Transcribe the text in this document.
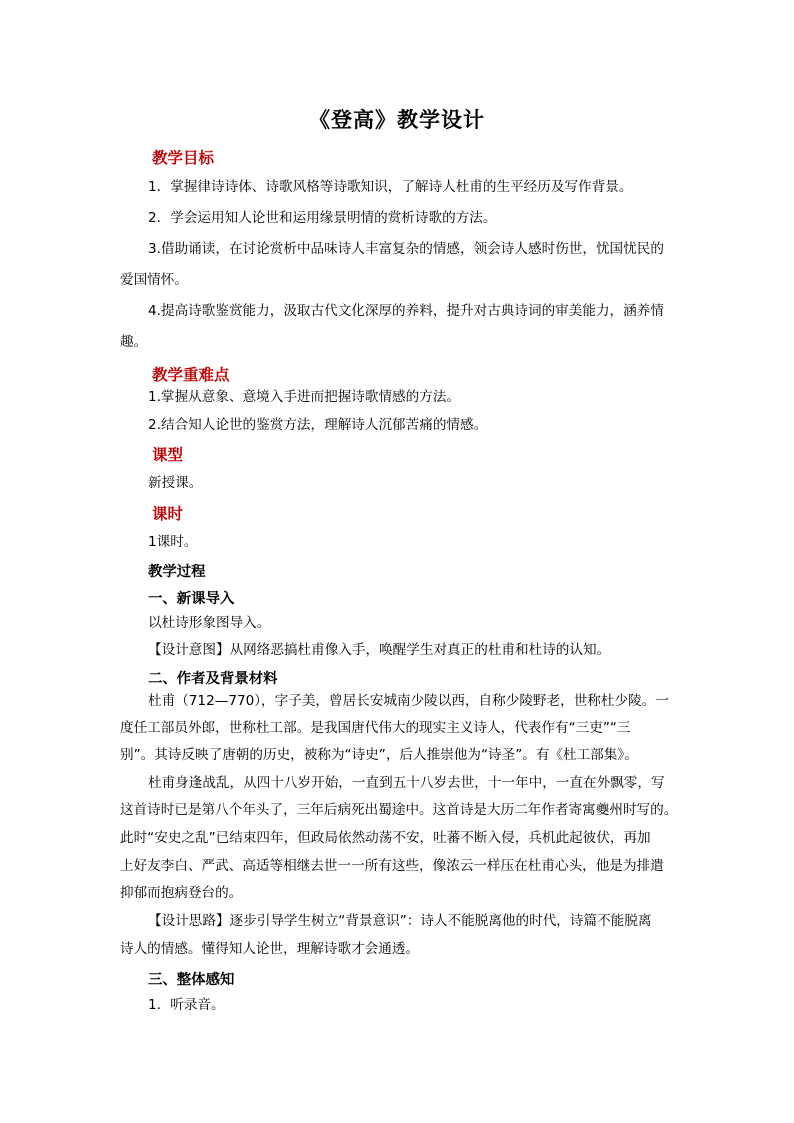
《登高》教学设计
教学目标
1．掌握律诗诗体、诗歌风格等诗歌知识，了解诗人杜甫的生平经历及写作背景。
2．学会运用知人论世和运用缘景明情的赏析诗歌的方法。
3.借助诵读，在讨论赏析中品味诗人丰富复杂的情感，领会诗人感时伤世，忧国忧民的
爱国情怀。
4.提高诗歌鉴赏能力，汲取古代文化深厚的养料，提升对古典诗词的审美能力，涵养情
趣。
教学重难点
1.掌握从意象、意境入手进而把握诗歌情感的方法。
2.结合知人论世的鉴赏方法，理解诗人沉郁苦痛的情感。
课型
新授课。
课时
1课时。
教学过程
一、新课导入
以杜诗形象图导入。
【设计意图】从网络恶搞杜甫像入手，唤醒学生对真正的杜甫和杜诗的认知。
二、作者及背景材料
杜甫（712—770），字子美，曾居长安城南少陵以西，自称少陵野老，世称杜少陵。一
度任工部员外郎，世称杜工部。是我国唐代伟大的现实主义诗人，代表作有“三吏”“三
别”。其诗反映了唐朝的历史，被称为“诗史”，后人推崇他为“诗圣”。有《杜工部集》。
杜甫身逢战乱，从四十八岁开始，一直到五十八岁去世，十一年中，一直在外飘零，写
这首诗时已是第八个年头了，三年后病死出蜀途中。这首诗是大历二年作者寄寓夔州时写的。
此时“安史之乱”已结束四年，但政局依然动荡不安，吐蕃不断入侵，兵机此起彼伏，再加
上好友李白、严武、高适等相继去世一一所有这些，像浓云一样压在杜甫心头，他是为排遣
抑郁而抱病登台的。
【设计思路】逐步引导学生树立“背景意识”：诗人不能脱离他的时代，诗篇不能脱离
诗人的情感。懂得知人论世，理解诗歌才会通透。
三、整体感知
1．听录音。
